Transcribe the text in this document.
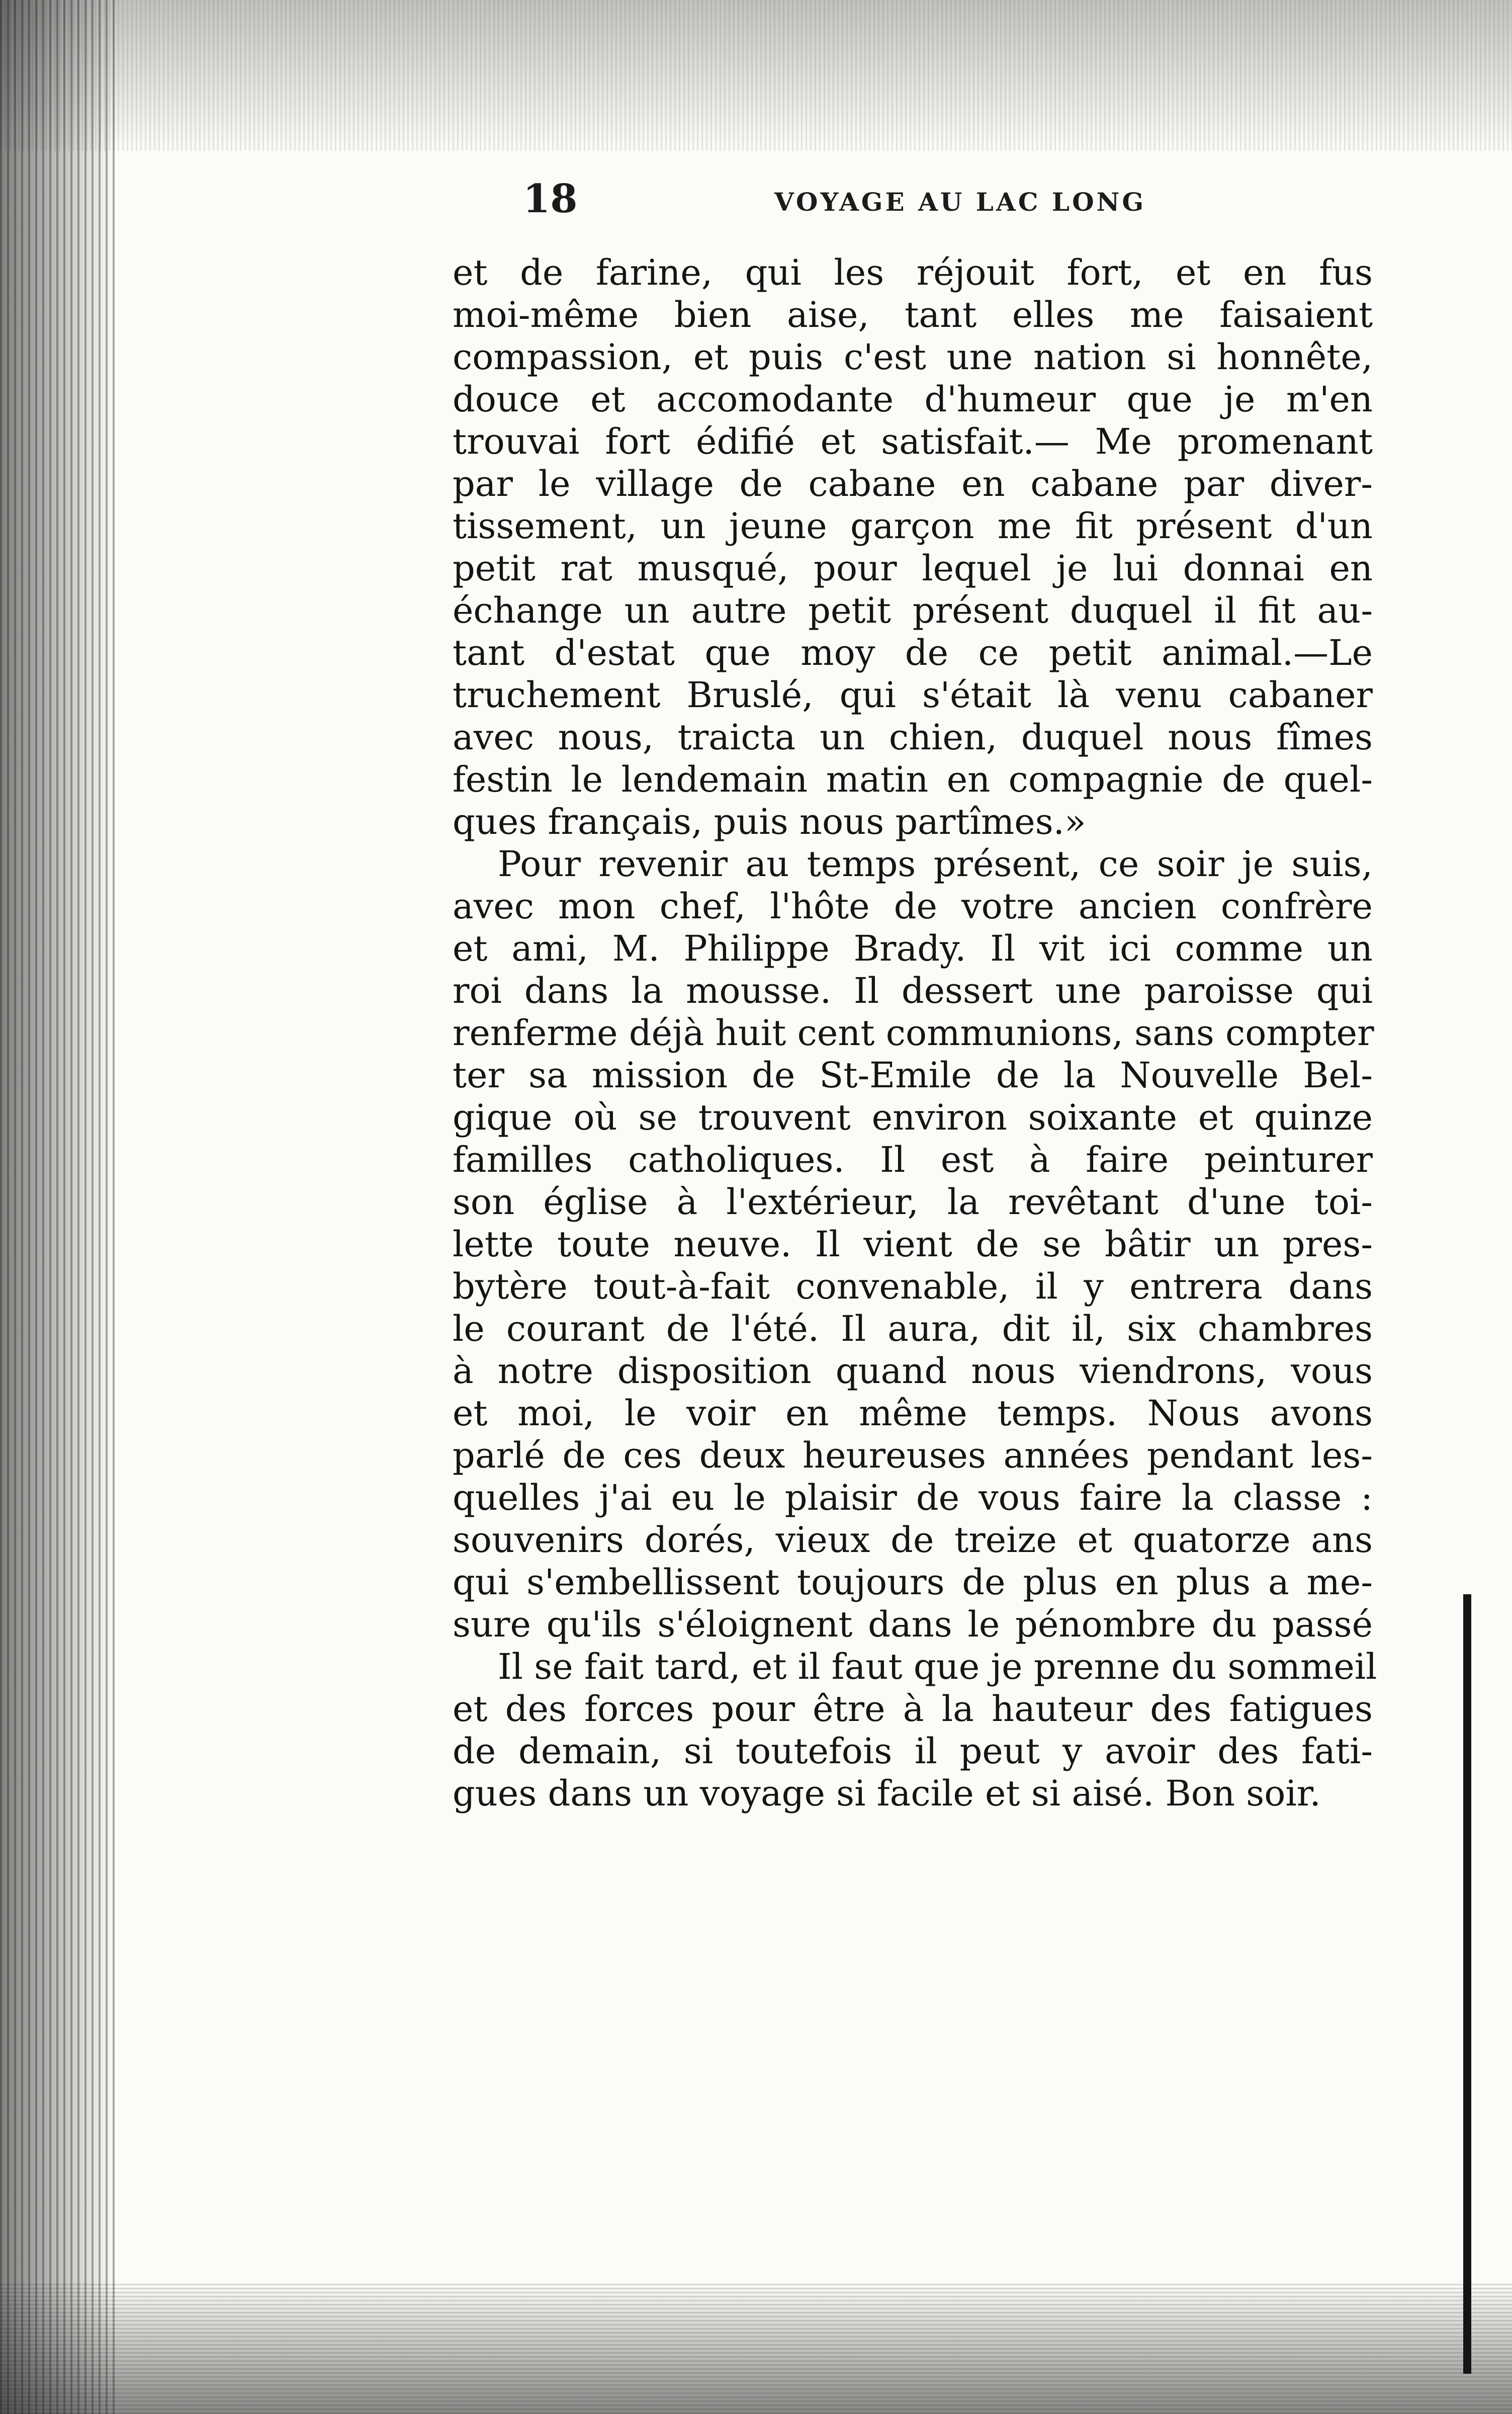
18	VOYAGE AU LAC LONG
et de farine, qui les réjouit fort, et en fus
moi-même bien aise, tant elles me faisaient
compassion, et puis c'est une nation si honnête,
douce et accomodante d'humeur que je m'en
trouvai fort édifié et satisfait.— Me promenant
par le village de cabane en cabane par diver-
tissement, un jeune garçon me fit présent d'un
petit rat musqué, pour lequel je lui donnai en
échange un autre petit présent duquel il fit au-
tant d'estat que moy de ce petit animal.—Le
truchement Bruslé, qui s'était là venu cabaner
avec nous, traicta un chien, duquel nous fîmes
festin le lendemain matin en compagnie de quel-
ques français, puis nous partîmes.»
Pour revenir au temps présent, ce soir je suis,
avec mon chef, l'hôte de votre ancien confrère
et ami, M. Philippe Brady. Il vit ici comme un
roi dans la mousse. Il dessert une paroisse qui
renferme déjà huit cent communions, sans compter
ter sa mission de St-Emile de la Nouvelle Bel-
gique où se trouvent environ soixante et quinze
familles catholiques. Il est à faire peinturer
son église à l'extérieur, la revêtant d'une toi-
lette toute neuve. Il vient de se bâtir un pres-
bytère tout-à-fait convenable, il y entrera dans
le courant de l'été. Il aura, dit il, six chambres
à notre disposition quand nous viendrons, vous
et moi, le voir en même temps. Nous avons
parlé de ces deux heureuses années pendant les-
quelles j'ai eu le plaisir de vous faire la classe :
souvenirs dorés, vieux de treize et quatorze ans
qui s'embellissent toujours de plus en plus a me-
sure qu'ils s'éloignent dans le pénombre du passé
Il se fait tard, et il faut que je prenne du sommeil
et des forces pour être à la hauteur des fatigues
de demain, si toutefois il peut y avoir des fati-
gues dans un voyage si facile et si aisé. Bon soir.
